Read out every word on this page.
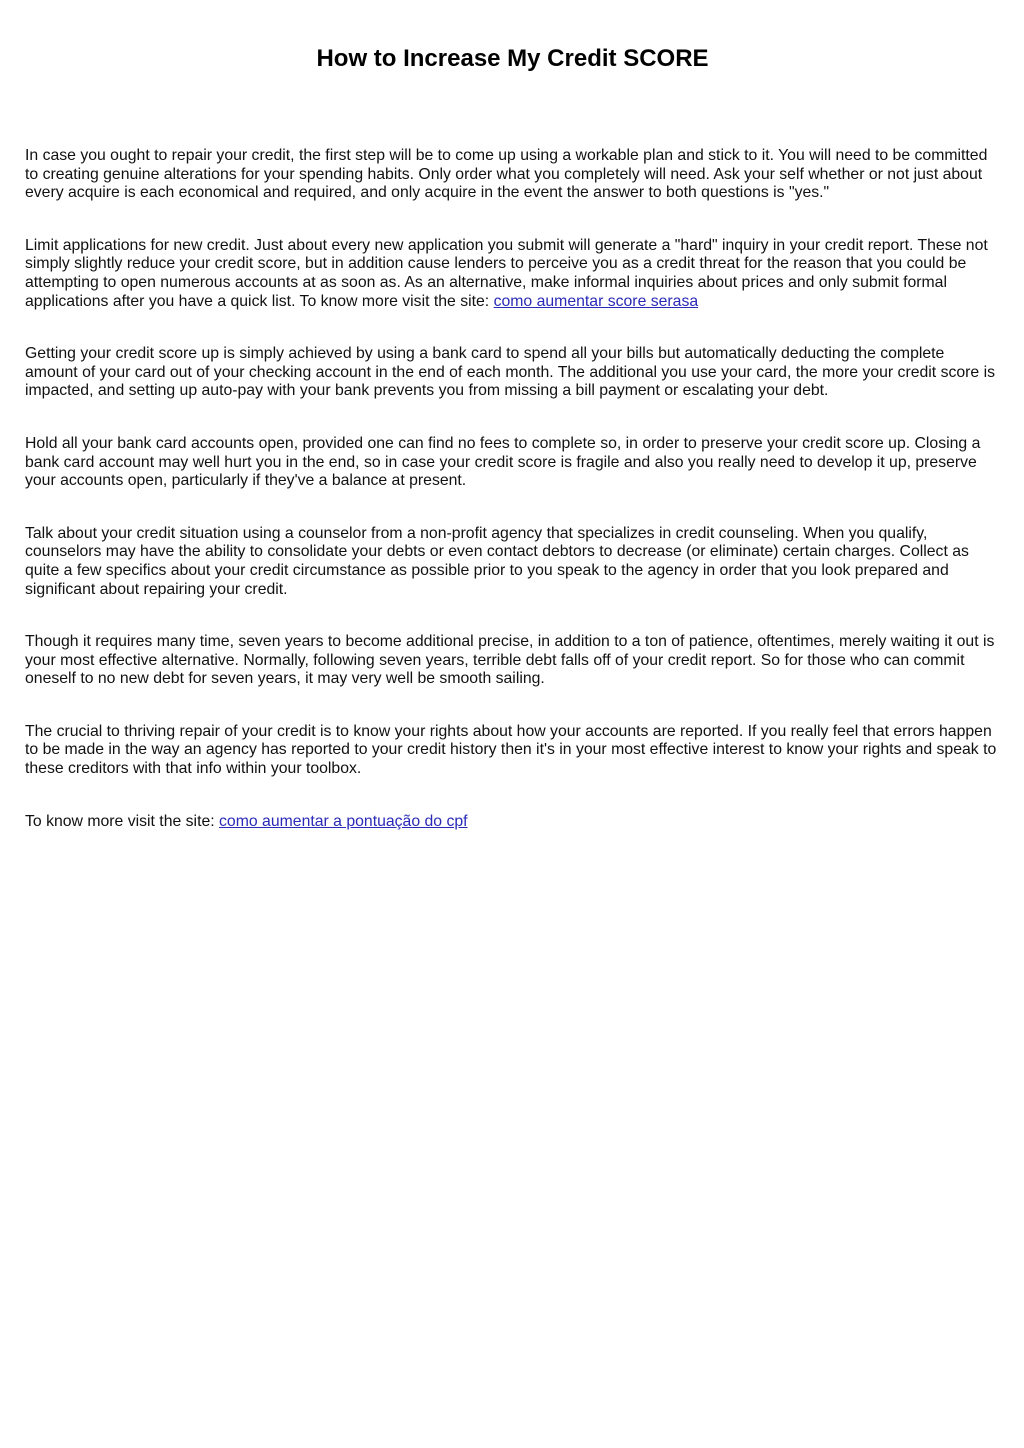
How to Increase My Credit SCORE

In case you ought to repair your credit, the first step will be to come up using a workable plan and stick to it. You will need to be committed to creating genuine alterations for your spending habits. Only order what you completely will need. Ask your self whether or not just about every acquire is each economical and required, and only acquire in the event the answer to both questions is "yes."

Limit applications for new credit. Just about every new application you submit will generate a "hard" inquiry in your credit report. These not simply slightly reduce your credit score, but in addition cause lenders to perceive you as a credit threat for the reason that you could be attempting to open numerous accounts at as soon as. As an alternative, make informal inquiries about prices and only submit formal applications after you have a quick list. To know more visit the site: como aumentar score serasa

Getting your credit score up is simply achieved by using a bank card to spend all your bills but automatically deducting the complete amount of your card out of your checking account in the end of each month. The additional you use your card, the more your credit score is impacted, and setting up auto-pay with your bank prevents you from missing a bill payment or escalating your debt.

Hold all your bank card accounts open, provided one can find no fees to complete so, in order to preserve your credit score up. Closing a bank card account may well hurt you in the end, so in case your credit score is fragile and also you really need to develop it up, preserve your accounts open, particularly if they've a balance at present.

Talk about your credit situation using a counselor from a non-profit agency that specializes in credit counseling. When you qualify, counselors may have the ability to consolidate your debts or even contact debtors to decrease (or eliminate) certain charges. Collect as quite a few specifics about your credit circumstance as possible prior to you speak to the agency in order that you look prepared and significant about repairing your credit.

Though it requires many time, seven years to become additional precise, in addition to a ton of patience, oftentimes, merely waiting it out is your most effective alternative. Normally, following seven years, terrible debt falls off of your credit report. So for those who can commit oneself to no new debt for seven years, it may very well be smooth sailing.

The crucial to thriving repair of your credit is to know your rights about how your accounts are reported. If you really feel that errors happen to be made in the way an agency has reported to your credit history then it's in your most effective interest to know your rights and speak to these creditors with that info within your toolbox.

To know more visit the site: como aumentar a pontuação do cpf
